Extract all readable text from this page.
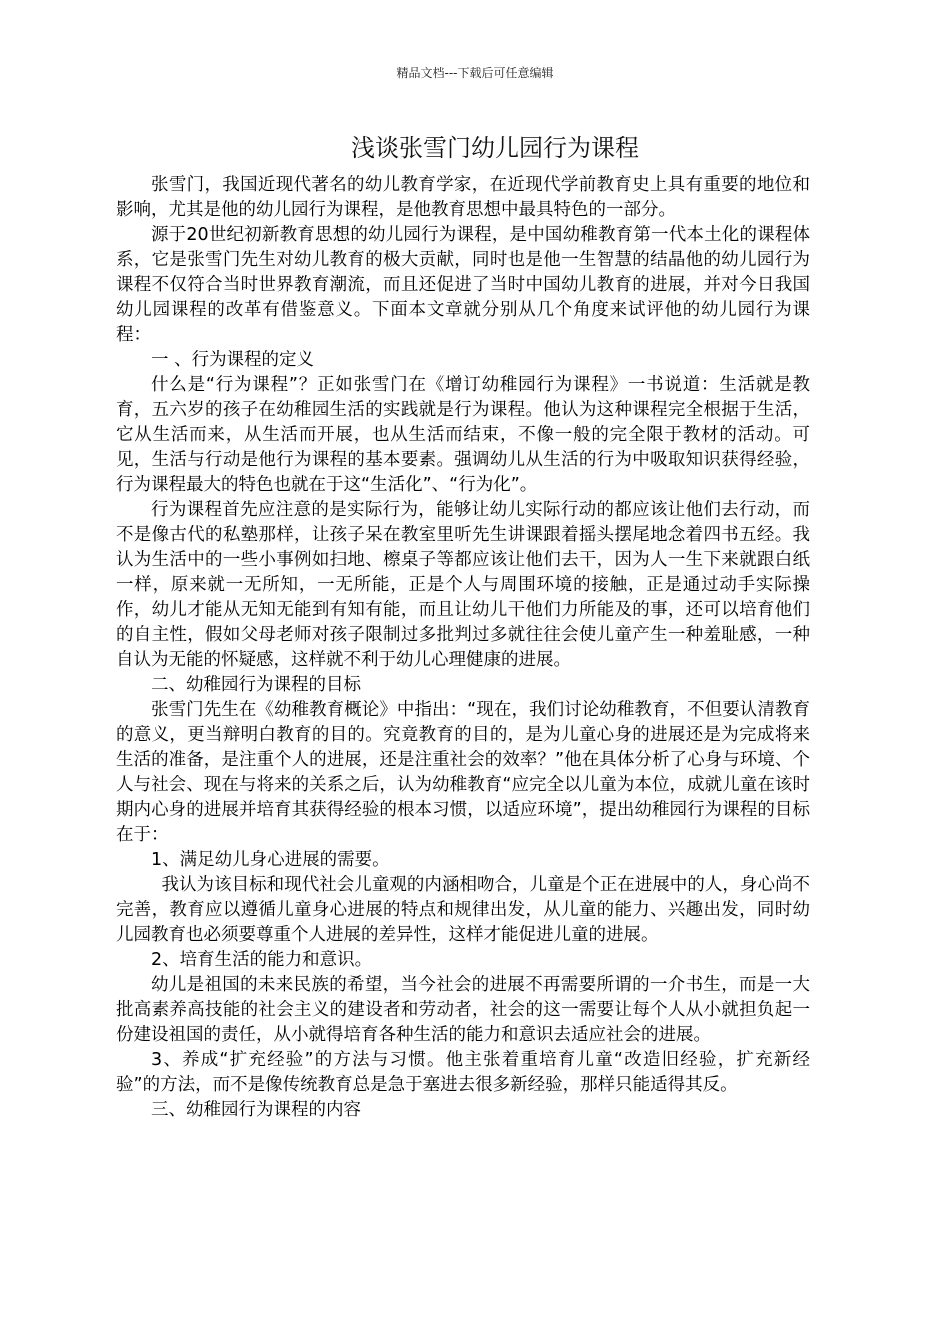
精品文档---下载后可任意编辑
浅谈张雪门幼儿园行为课程

张雪门，我国近现代著名的幼儿教育学家，在近现代学前教育史上具有重要的地位和影响，尤其是他的幼儿园行为课程，是他教育思想中最具特色的一部分。

源于20世纪初新教育思想的幼儿园行为课程，是中国幼稚教育第一代本土化的课程体系，它是张雪门先生对幼儿教育的极大贡献，同时也是他一生智慧的结晶他的幼儿园行为课程不仅符合当时世界教育潮流，而且还促进了当时中国幼儿教育的进展，并对今日我国幼儿园课程的改革有借鉴意义。下面本文章就分别从几个角度来试评他的幼儿园行为课程：

一 、行为课程的定义

什么是“行为课程”？正如张雪门在《增订幼稚园行为课程》一书说道：生活就是教育，五六岁的孩子在幼稚园生活的实践就是行为课程。他认为这种课程完全根据于生活，它从生活而来，从生活而开展，也从生活而结束，不像一般的完全限于教材的活动。可见，生活与行动是他行为课程的基本要素。强调幼儿从生活的行为中吸取知识获得经验，行为课程最大的特色也就在于这“生活化”、“行为化”。

行为课程首先应注意的是实际行为，能够让幼儿实际行动的都应该让他们去行动，而不是像古代的私塾那样，让孩子呆在教室里听先生讲课跟着摇头摆尾地念着四书五经。我认为生活中的一些小事例如扫地、檫桌子等都应该让他们去干，因为人一生下来就跟白纸一样，原来就一无所知，一无所能，正是个人与周围环境的接触，正是通过动手实际操作，幼儿才能从无知无能到有知有能，而且让幼儿干他们力所能及的事，还可以培育他们的自主性，假如父母老师对孩子限制过多批判过多就往往会使儿童产生一种羞耻感，一种自认为无能的怀疑感，这样就不利于幼儿心理健康的进展。

二、幼稚园行为课程的目标

张雪门先生在《幼稚教育概论》中指出：“现在，我们讨论幼稚教育，不但要认清教育的意义，更当辩明白教育的目的。究竟教育的目的，是为儿童心身的进展还是为完成将来生活的准备，是注重个人的进展，还是注重社会的效率？”他在具体分析了心身与环境、个人与社会、现在与将来的关系之后，认为幼稚教育“应完全以儿童为本位，成就儿童在该时期内心身的进展并培育其获得经验的根本习惯，以适应环境”，提出幼稚园行为课程的目标在于：

1、满足幼儿身心进展的需要。

我认为该目标和现代社会儿童观的内涵相吻合，儿童是个正在进展中的人，身心尚不完善，教育应以遵循儿童身心进展的特点和规律出发，从儿童的能力、兴趣出发，同时幼儿园教育也必须要尊重个人进展的差异性，这样才能促进儿童的进展。

2、培育生活的能力和意识。

幼儿是祖国的未来民族的希望，当今社会的进展不再需要所谓的一介书生，而是一大批高素养高技能的社会主义的建设者和劳动者，社会的这一需要让每个人从小就担负起一份建设祖国的责任，从小就得培育各种生活的能力和意识去适应社会的进展。

3、养成“扩充经验”的方法与习惯。他主张着重培育儿童“改造旧经验，扩充新经验”的方法，而不是像传统教育总是急于塞进去很多新经验，那样只能适得其反。

三、幼稚园行为课程的内容
